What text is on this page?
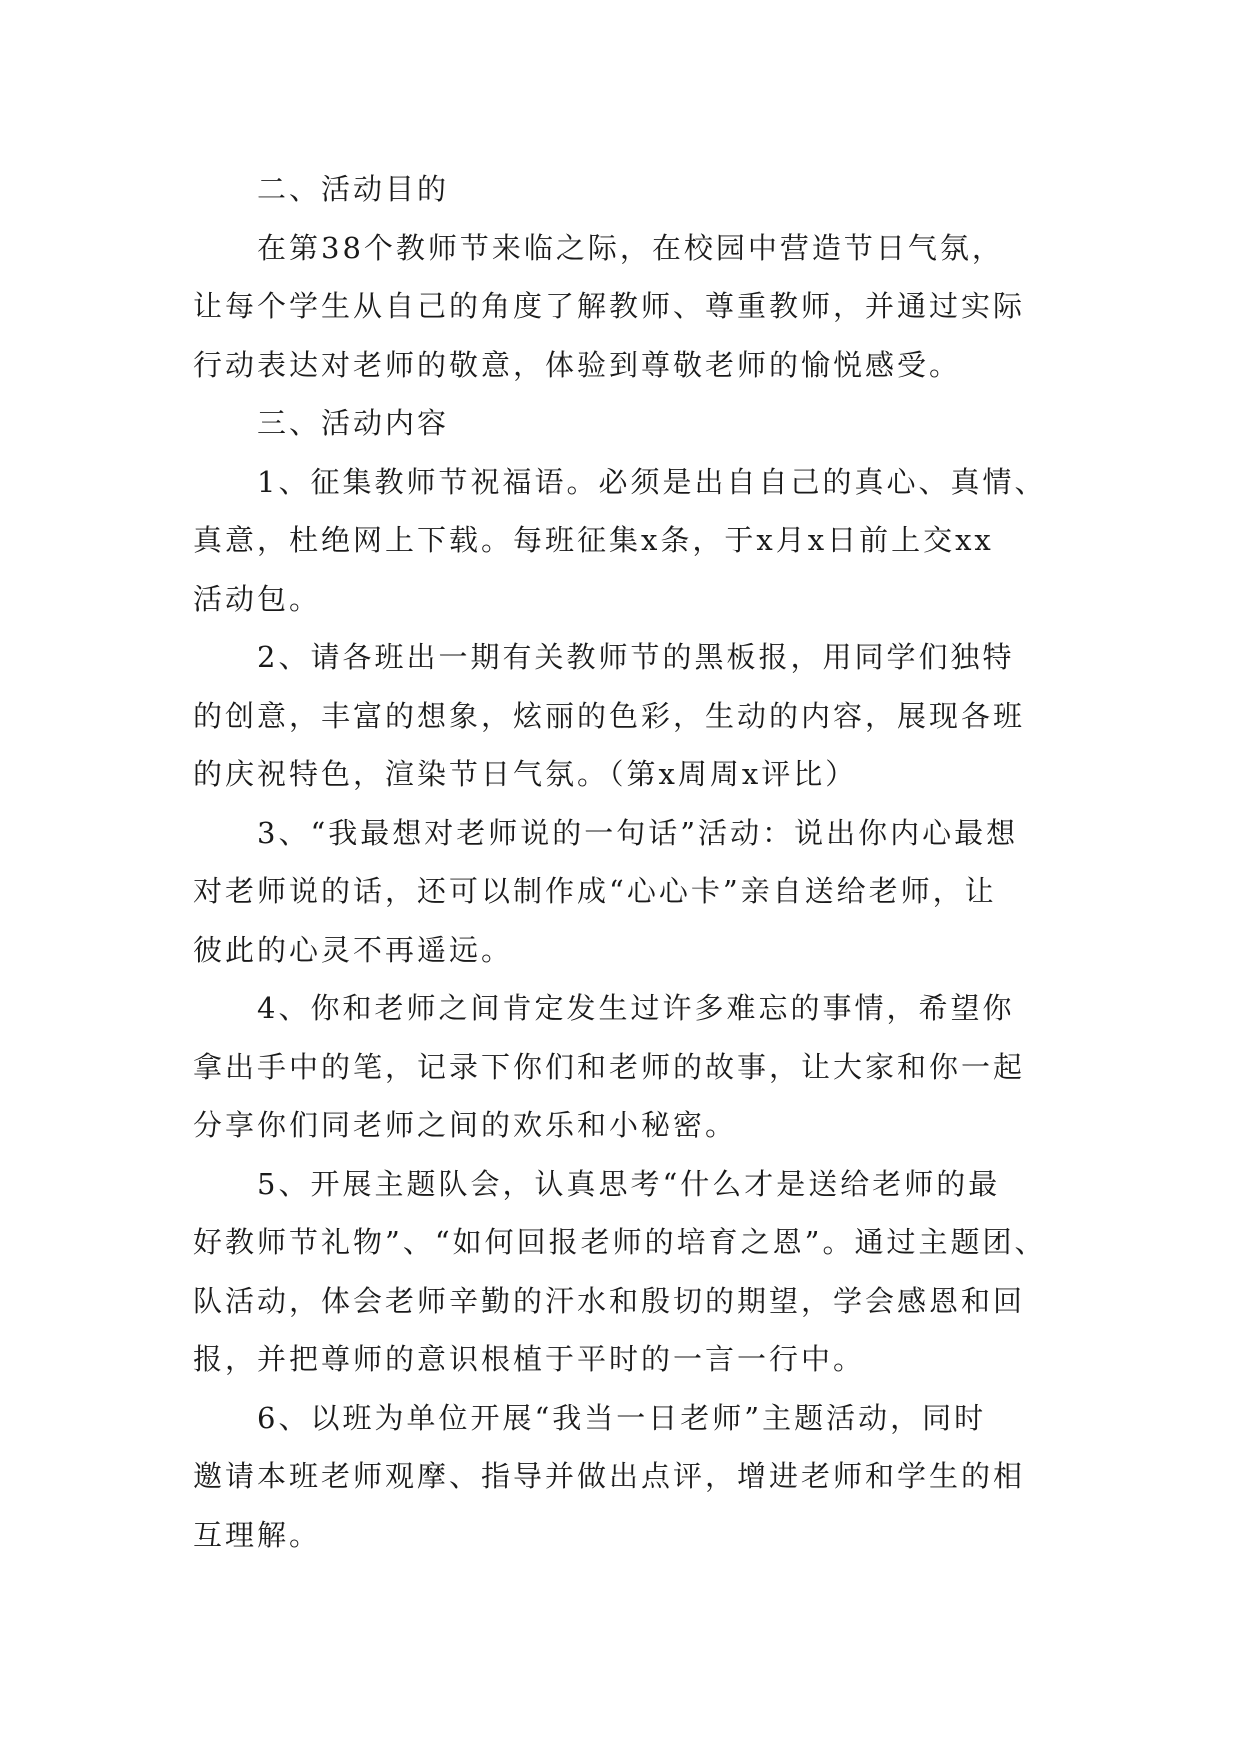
二、活动目的
在第38个教师节来临之际，在校园中营造节日气氛，
让每个学生从自己的角度了解教师、尊重教师，并通过实际
行动表达对老师的敬意，体验到尊敬老师的愉悦感受。
三、活动内容
1、征集教师节祝福语。必须是出自自己的真心、真情、
真意，杜绝网上下载。每班征集x条，于x月x日前上交xx
活动包。
2、请各班出一期有关教师节的黑板报，用同学们独特
的创意，丰富的想象，炫丽的色彩，生动的内容，展现各班
的庆祝特色，渲染节日气氛。（第x周周x评比）
3、“我最想对老师说的一句话”活动：说出你内心最想
对老师说的话，还可以制作成“心心卡”亲自送给老师，让
彼此的心灵不再遥远。
4、你和老师之间肯定发生过许多难忘的事情，希望你
拿出手中的笔，记录下你们和老师的故事，让大家和你一起
分享你们同老师之间的欢乐和小秘密。
5、开展主题队会，认真思考“什么才是送给老师的最
好教师节礼物”、“如何回报老师的培育之恩”。通过主题团、
队活动，体会老师辛勤的汗水和殷切的期望，学会感恩和回
报，并把尊师的意识根植于平时的一言一行中。
6、以班为单位开展“我当一日老师”主题活动，同时
邀请本班老师观摩、指导并做出点评，增进老师和学生的相
互理解。
